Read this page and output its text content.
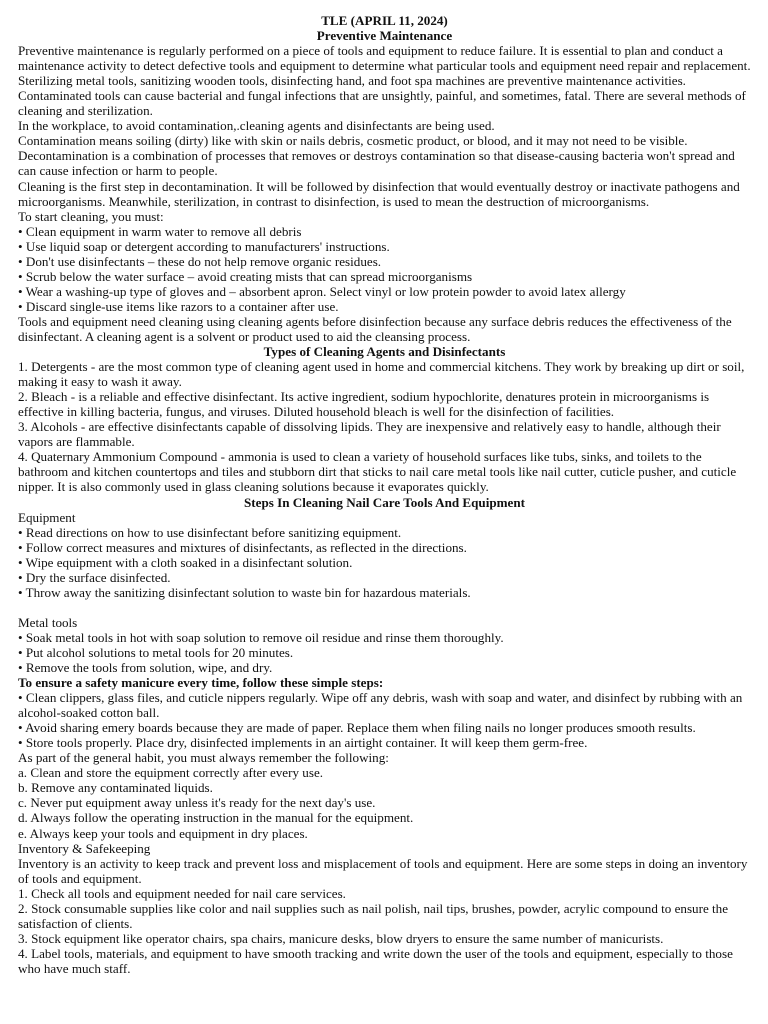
TLE (APRIL 11, 2024)

Preventive Maintenance

Preventive maintenance is regularly performed on a piece of tools and equipment to reduce failure. It is essential to plan and conduct a maintenance activity to detect defective tools and equipment to determine what particular tools and equipment need repair and replacement.

Sterilizing metal tools, sanitizing wooden tools, disinfecting hand, and foot spa machines are preventive maintenance activities. Contaminated tools can cause bacterial and fungal infections that are unsightly, painful, and sometimes, fatal. There are several methods of cleaning and sterilization.

In the workplace, to avoid contamination,.cleaning agents and disinfectants are being used.

Contamination means soiling (dirty) like with skin or nails debris, cosmetic product, or blood, and it may not need to be visible. Decontamination is a combination of processes that removes or destroys contamination so that disease-causing bacteria won't spread and can cause infection or harm to people.

Cleaning is the first step in decontamination. It will be followed by disinfection that would eventually destroy or inactivate pathogens and microorganisms. Meanwhile, sterilization, in contrast to disinfection, is used to mean the destruction of microorganisms.

To start cleaning, you must:

• Clean equipment in warm water to remove all debris

• Use liquid soap or detergent according to manufacturers' instructions.

• Don't use disinfectants – these do not help remove organic residues.

• Scrub below the water surface – avoid creating mists that can spread microorganisms

• Wear a washing-up type of gloves and – absorbent apron. Select vinyl or low protein powder to avoid latex allergy

• Discard single-use items like razors to a container after use.

Tools and equipment need cleaning using cleaning agents before disinfection because any surface debris reduces the effectiveness of the disinfectant. A cleaning agent is a solvent or product used to aid the cleansing process.

Types of Cleaning Agents and Disinfectants

1. Detergents - are the most common type of cleaning agent used in home and commercial kitchens. They work by breaking up dirt or soil, making it easy to wash it away.

2. Bleach - is a reliable and effective disinfectant. Its active ingredient, sodium hypochlorite, denatures protein in microorganisms is effective in killing bacteria, fungus, and viruses. Diluted household bleach is well for the disinfection of facilities.

3. Alcohols - are effective disinfectants capable of dissolving lipids. They are inexpensive and relatively easy to handle, although their vapors are flammable.

4. Quaternary Ammonium Compound - ammonia is used to clean a variety of household surfaces like tubs, sinks, and toilets to the bathroom and kitchen countertops and tiles and stubborn dirt that sticks to nail care metal tools like nail cutter, cuticle pusher, and cuticle nipper. It is also commonly used in glass cleaning solutions because it evaporates quickly.

Steps In Cleaning Nail Care Tools And Equipment

Equipment

• Read directions on how to use disinfectant before sanitizing equipment.

• Follow correct measures and mixtures of disinfectants, as reflected in the directions.

• Wipe equipment with a cloth soaked in a disinfectant solution.

• Dry the surface disinfected.

• Throw away the sanitizing disinfectant solution to waste bin for hazardous materials.

Metal tools

• Soak metal tools in hot with soap solution to remove oil residue and rinse them thoroughly.

• Put alcohol solutions to metal tools for 20 minutes.

• Remove the tools from solution, wipe, and dry.

To ensure a safety manicure every time, follow these simple steps:

• Clean clippers, glass files, and cuticle nippers regularly. Wipe off any debris, wash with soap and water, and disinfect by rubbing with an alcohol-soaked cotton ball.

• Avoid sharing emery boards because they are made of paper. Replace them when filing nails no longer produces smooth results.

• Store tools properly. Place dry, disinfected implements in an airtight container. It will keep them germ-free.

As part of the general habit, you must always remember the following:

a. Clean and store the equipment correctly after every use.

b. Remove any contaminated liquids.

c. Never put equipment away unless it's ready for the next day's use.

d. Always follow the operating instruction in the manual for the equipment.

e. Always keep your tools and equipment in dry places.

Inventory & Safekeeping

Inventory is an activity to keep track and prevent loss and misplacement of tools and equipment. Here are some steps in doing an inventory of tools and equipment.

1. Check all tools and equipment needed for nail care services.

2. Stock consumable supplies like color and nail supplies such as nail polish, nail tips, brushes, powder, acrylic compound to ensure the satisfaction of clients.

3. Stock equipment like operator chairs, spa chairs, manicure desks, blow dryers to ensure the same number of manicurists.

4. Label tools, materials, and equipment to have smooth tracking and write down the user of the tools and equipment, especially to those who have much staff.
